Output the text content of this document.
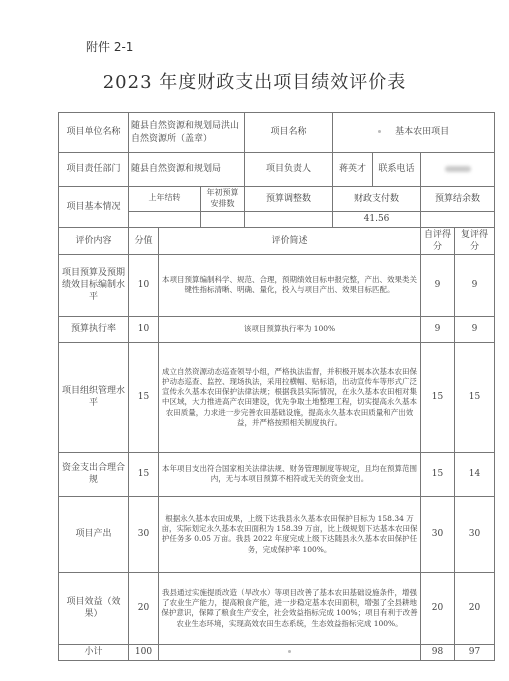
附件 2-1
2023 年度财政支出项目绩效评价表
项目单位名称	随县自然资源和规划局洪山自然资源所（盖章）			项目名称	基本农田项目			
项目责任部门	随县自然资源和规划局			项目负责人	蒋英才	联系电话		
项目基本情况	上年结转		年初预算安排数	预算调整数	财政支付数		预算结余数	
					41.56			
评价内容	分值	评价简述					自评得分	复评得分
项目预算及预期绩效目标编制水平	10	本项目预算编制科学、规范、合理，预期绩效目标申报完整，产出、效果类关键性指标清晰、明确、量化，投入与项目产出、效果目标匹配。					9	9
预算执行率	10	该项目预算执行率为 100%					9	9
项目组织管理水平	15	成立自然资源动态巡查领导小组，严格执法监督，并积极开展本次基本农田保护动态巡查、监控、现场执法，采用拉横幅、贴标语，出动宣传车等形式广泛宣传永久基本农田保护法律法规；根据我县实际情况，在永久基本农田相对集中区域，大力推进高产农田建设，优先争取土地整理工程，切实提高永久基本农田质量，力求进一步完善农田基础设施，提高永久基本农田质量和产出效益，并严格按照相关制度执行。					15	15
资金支出合理合规	15	本年项目支出符合国家相关法律法规、财务管理制度等规定，且均在预算范围内，无与本项目预算不相符或无关的资金支出。					15	14
项目产出	30	根据永久基本农田成果，上级下达我县永久基本农田保护目标为 158.34 万亩，实际划定永久基本农田面积为 158.39 万亩，比上级规划下达基本农田保护任务多 0.05 万亩。我县 2022 年度完成上级下达随县永久基本农田保护任务，完成保护率 100%。					30	30
项目效益（效果）	20	我县通过实施提质改造（旱改水）等项目改善了基本农田基础设施条件，增强了农业生产能力，提高粮食产能，进一步稳定基本农田面积，增强了全县耕地保护意识，保障了粮食生产安全，社会效益指标完成 100%；项目有利于改善农业生态环境，实现高效农田生态系统，生态效益指标完成 100%。					20	20
小计	100						98	97
